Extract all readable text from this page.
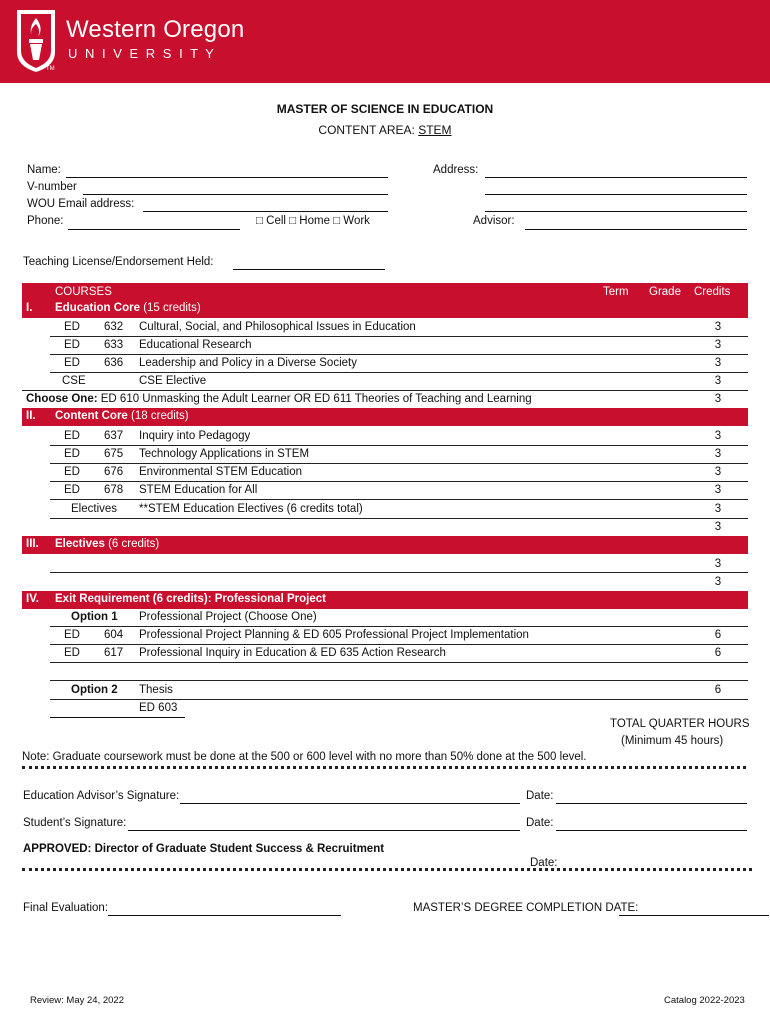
Western Oregon
U N I V E R S I T Y
TM
MASTER OF SCIENCE IN EDUCATION
CONTENT AREA: STEM
Name:
V-number
WOU Email address:
Phone:	□ Cell □ Home □ Work
Address:
Advisor:
Teaching License/Endorsement Held:
COURSES	Term Grade Credits
I. Education Core (15 credits)
ED 632 Cultural, Social, and Philosophical Issues in Education	3
ED 633 Educational Research	3
ED 636 Leadership and Policy in a Diverse Society	3
CSE	CSE Elective	3
Choose One: ED 610 Unmasking the Adult Learner OR ED 611 Theories of Teaching and Learning	3
II. Content Core (18 credits)
ED 637 Inquiry into Pedagogy	3
ED 675 Technology Applications in STEM	3
ED 676 Environmental STEM Education	3
ED 678 STEM Education for All	3
Electives **STEM Education Electives (6 credits total)	3
3
III. Electives (6 credits)
3
3
IV. Exit Requirement (6 credits): Professional Project
Option 1 Professional Project (Choose One)
ED 604 Professional Project Planning & ED 605 Professional Project Implementation	6
ED 617 Professional Inquiry in Education & ED 635 Action Research	6
Option 2 Thesis	6
ED 603
TOTAL QUARTER HOURS
(Minimum 45 hours)
Note: Graduate coursework must be done at the 500 or 600 level with no more than 50% done at the 500 level.
Education Advisor’s Signature:	Date:
Student’s Signature:	Date:
APPROVED: Director of Graduate Student Success & Recruitment
Date:
Final Evaluation:	MASTER’S DEGREE COMPLETION DATE:
Review: May 24, 2022	Catalog 2022-2023
